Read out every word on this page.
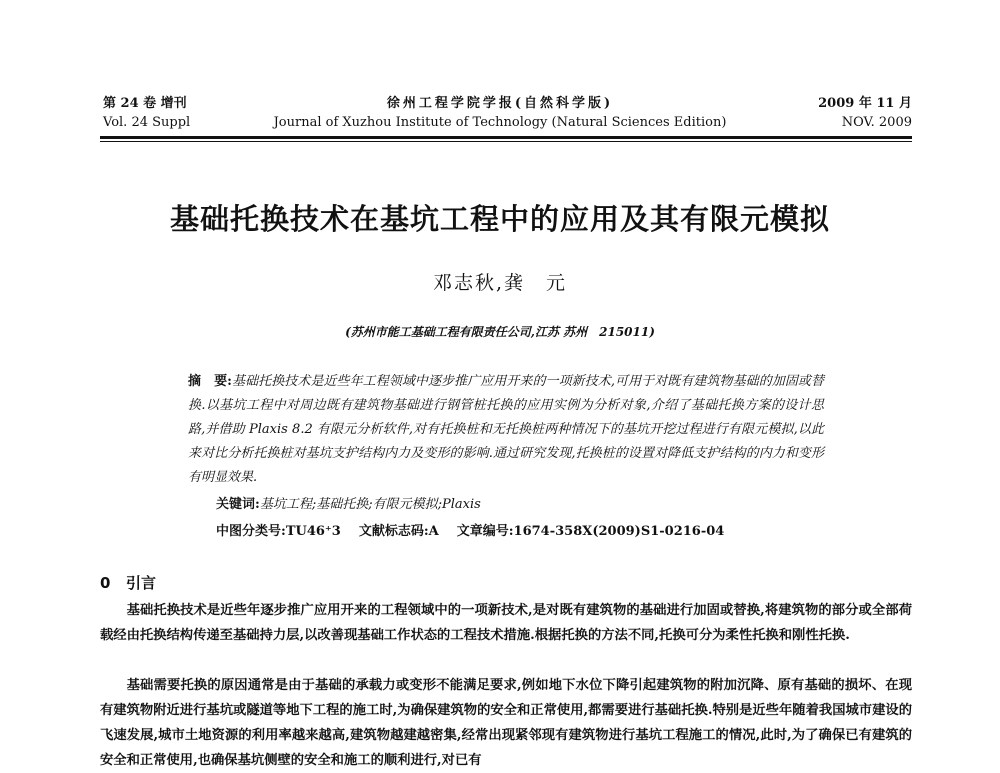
第 24 卷 增刊
Vol. 24 Suppl
徐州工程学院学报(自然科学版)
Journal of Xuzhou Institute of Technology (Natural Sciences Edition)
2009 年 11 月
NOV. 2009
基础托换技术在基坑工程中的应用及其有限元模拟
邓志秋,龚　元
(苏州市能工基础工程有限责任公司,江苏 苏州　215011)
摘　要:基础托换技术是近些年工程领域中逐步推广应用开来的一项新技术,可用于对既有建筑物基础的加固或替换.以基坑工程中对周边既有建筑物基础进行钢管桩托换的应用实例为分析对象,介绍了基础托换方案的设计思路,并借助 Plaxis 8.2 有限元分析软件,对有托换桩和无托换桩两种情况下的基坑开挖过程进行有限元模拟,以此来对比分析托换桩对基坑支护结构内力及变形的影响.通过研究发现,托换桩的设置对降低支护结构的内力和变形有明显效果.
关键词:基坑工程;基础托换;有限元模拟;Plaxis
中图分类号:TU46⁺3 文献标志码:A 文章编号:1674-358X(2009)S1-0216-04
0 引言

基础托换技术是近些年逐步推广应用开来的工程领域中的一项新技术,是对既有建筑物的基础进行加固或替换,将建筑物的部分或全部荷载经由托换结构传递至基础持力层,以改善现基础工作状态的工程技术措施.根据托换的方法不同,托换可分为柔性托换和刚性托换.

基础需要托换的原因通常是由于基础的承载力或变形不能满足要求,例如地下水位下降引起建筑物的附加沉降、原有基础的损坏、在现有建筑物附近进行基坑或隧道等地下工程的施工时,为确保建筑物的安全和正常使用,都需要进行基础托换.特别是近些年随着我国城市建设的飞速发展,城市土地资源的利用率越来越高,建筑物越建越密集,经常出现紧邻现有建筑物进行基坑工程施工的情况,此时,为了确保已有建筑的安全和正常使用,也确保基坑侧壁的安全和施工的顺利进行,对已有
